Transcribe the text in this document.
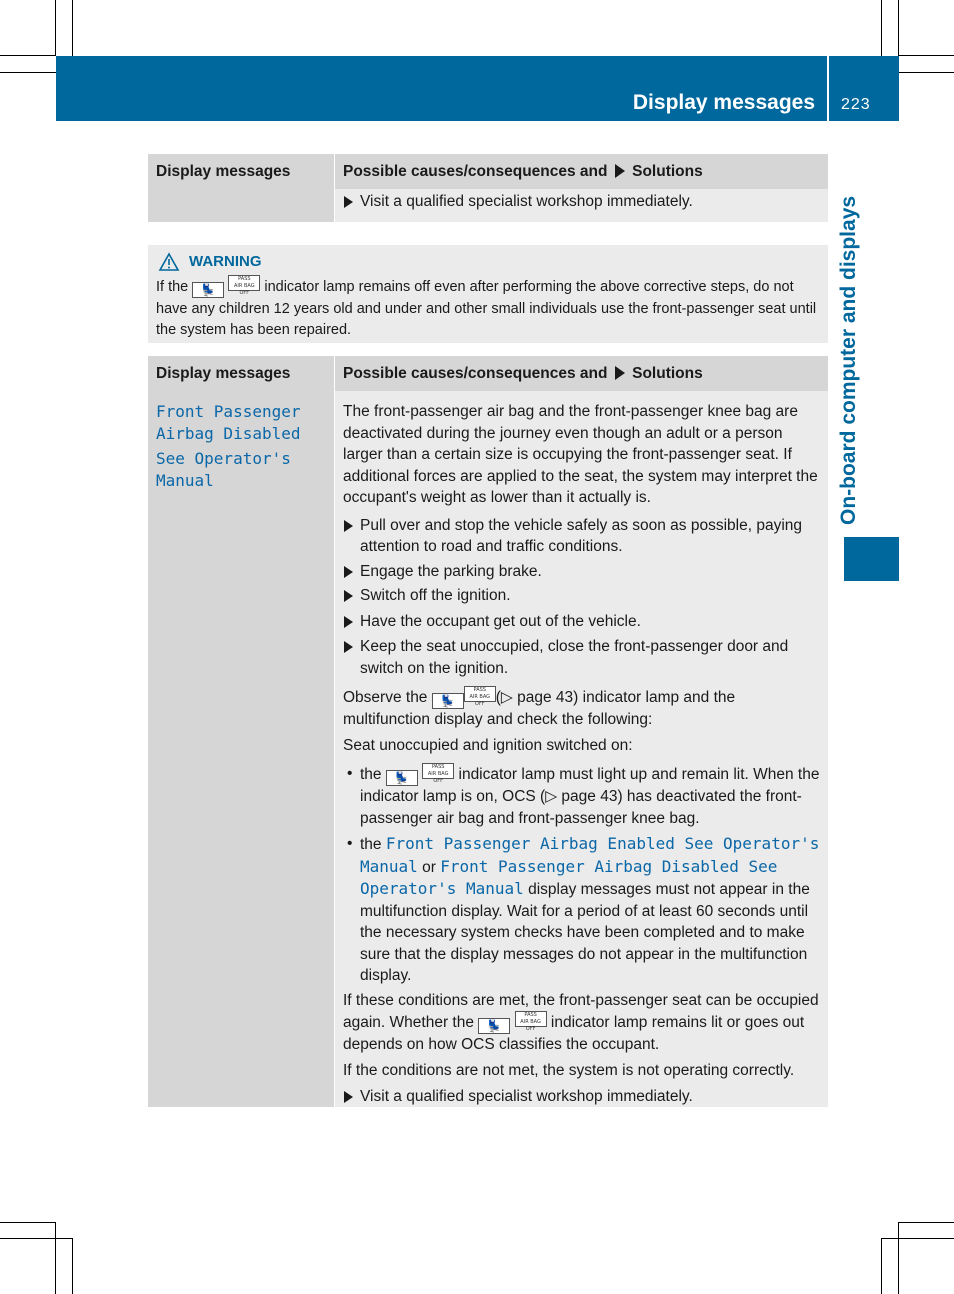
Display messages 223
On-board computer and displays
Display messages	Possible causes/consequences and Solutions

Visit a qualified specialist workshop immediately.

WARNING
If the 💺 PASS
AIR BAG OFF indicator lamp remains off even after performing the above corrective steps, do not have any children 12 years old and under and other small individuals use the front-passenger seat until the system has been repaired.
Display messages	Possible causes/consequences and Solutions
Front Passenger
Airbag Disabled
See Operator's
Manual

The front-passenger air bag and the front-passenger knee bag are deactivated during the journey even though an adult or a person larger than a certain size is occupying the front-passenger seat. If additional forces are applied to the seat, the system may interpret the occupant's weight as lower than it actually is.

Pull over and stop the vehicle safely as soon as possible, paying attention to road and traffic conditions.

Engage the parking brake.

Switch off the ignition.

Have the occupant get out of the vehicle.

Keep the seat unoccupied, close the front-passenger door and switch on the ignition.

Observe the 💺PASS
AIR BAG OFF (▷ page 43) indicator lamp and the multifunction display and check the following:

Seat unoccupied and ignition switched on:

• the 💺 PASS
AIR BAG OFF indicator lamp must light up and remain lit. When the indicator lamp is on, OCS (▷ page 43) has deactivated the front-passenger air bag and front-passenger knee bag.

• the Front Passenger Airbag Enabled See Operator's Manual or Front Passenger Airbag Disabled See Operator's Manual display messages must not appear in the multifunction display. Wait for a period of at least 60 seconds until the necessary system checks have been completed and to make sure that the display messages do not appear in the multifunction display.

If these conditions are met, the front-passenger seat can be occupied again. Whether the 💺 PASS
AIR BAG OFF indicator lamp remains lit or goes out depends on how OCS classifies the occupant.

If the conditions are not met, the system is not operating correctly.

Visit a qualified specialist workshop immediately.
